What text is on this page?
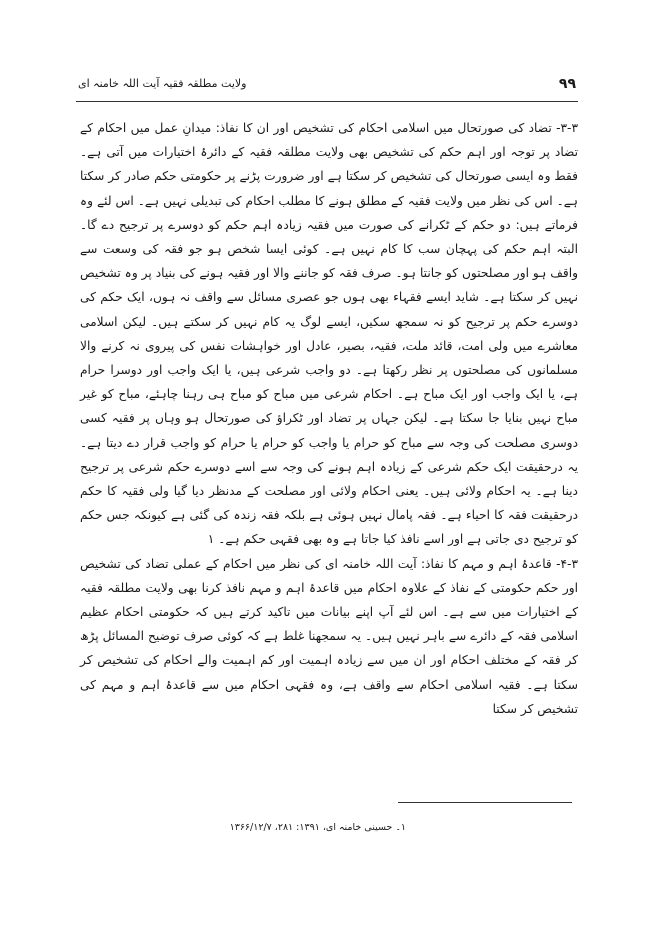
۹۹
ولایت مطلقہ فقیہ آیت اللہ خامنہ ای

۳-۳- تضاد کی صورتحال میں اسلامی احکام کی تشخیص اور ان کا نفاذ: میدانِ عمل میں احکام کے تضاد پر توجہ اور اہم حکم کی تشخیص بھی ولایت مطلقہ فقیہ کے دائرۂ اختیارات میں آتی ہے۔ فقط وہ ایسی صورتحال کی تشخیص کر سکتا ہے اور ضرورت پڑنے پر حکومتی حکم صادر کر سکتا ہے۔ اس کی نظر میں ولایت فقیہ کے مطلق ہونے کا مطلب احکام کی تبدیلی نہیں ہے۔ اس لئے وہ فرماتے ہیں: دو حکم کے ٹکرانے کی صورت میں فقیہ زیادہ اہم حکم کو دوسرے پر ترجیح دے گا۔ البتہ اہم حکم کی پہچان سب کا کام نہیں ہے۔ کوئی ایسا شخص ہو جو فقہ کی وسعت سے واقف ہو اور مصلحتوں کو جانتا ہو۔ صرف فقہ کو جاننے والا اور فقیہ ہونے کی بنیاد پر وہ تشخیص نہیں کر سکتا ہے۔ شاید ایسے فقہاء بھی ہوں جو عصری مسائل سے واقف نہ ہوں، ایک حکم کی دوسرے حکم پر ترجیح کو نہ سمجھ سکیں، ایسے لوگ یہ کام نہیں کر سکتے ہیں۔ لیکن اسلامی معاشرے میں ولی امت، قائد ملت، فقیہ، بصیر، عادل اور خواہشات نفس کی پیروی نہ کرنے والا مسلمانوں کی مصلحتوں پر نظر رکھتا ہے۔ دو واجب شرعی ہیں، یا ایک واجب اور دوسرا حرام ہے، یا ایک واجب اور ایک مباح ہے۔ احکام شرعی میں مباح کو مباح ہی رہنا چاہئے، مباح کو غیر مباح نہیں بنایا جا سکتا ہے۔ لیکن جہاں پر تضاد اور ٹکراؤ کی صورتحال ہو وہاں پر فقیہ کسی دوسری مصلحت کی وجہ سے مباح کو حرام یا واجب کو حرام یا حرام کو واجب قرار دے دیتا ہے۔ یہ درحقیقت ایک حکم شرعی کے زیادہ اہم ہونے کی وجہ سے اسے دوسرے حکم شرعی پر ترجیح دینا ہے۔ یہ احکام ولائی ہیں۔ یعنی احکام ولائی اور مصلحت کے مدنظر دیا گیا ولی فقیہ کا حکم درحقیقت فقہ کا احیاء ہے۔ فقہ پامال نہیں ہوئی ہے بلکہ فقہ زندہ کی گئی ہے کیونکہ جس حکم کو ترجیح دی جاتی ہے اور اسے نافذ کیا جاتا ہے وہ بھی فقہی حکم ہے۔ ۱

۴-۳- قاعدۂ اہم و مہم کا نفاذ: آیت اللہ خامنہ ای کی نظر میں احکام کے عملی تضاد کی تشخیص اور حکم حکومتی کے نفاذ کے علاوہ احکام میں قاعدۂ اہم و مہم نافذ کرنا بھی ولایت مطلقہ فقیہ کے اختیارات میں سے ہے۔ اس لئے آپ اپنے بیانات میں تاکید کرتے ہیں کہ حکومتی احکام عظیم اسلامی فقہ کے دائرے سے باہر نہیں ہیں۔ یہ سمجھنا غلط ہے کہ کوئی صرف توضیح المسائل پڑھ کر فقہ کے مختلف احکام اور ان میں سے زیادہ اہمیت اور کم اہمیت والے احکام کی تشخیص کر سکتا ہے۔ فقیہ اسلامی احکام سے واقف ہے، وہ فقہی احکام میں سے قاعدۂ اہم و مہم کی تشخیص کر سکتا

۱۔ حسینی خامنہ ای، ۱۳۹۱: ۲۸۱، ۱۳۶۶/۱۲/۷
